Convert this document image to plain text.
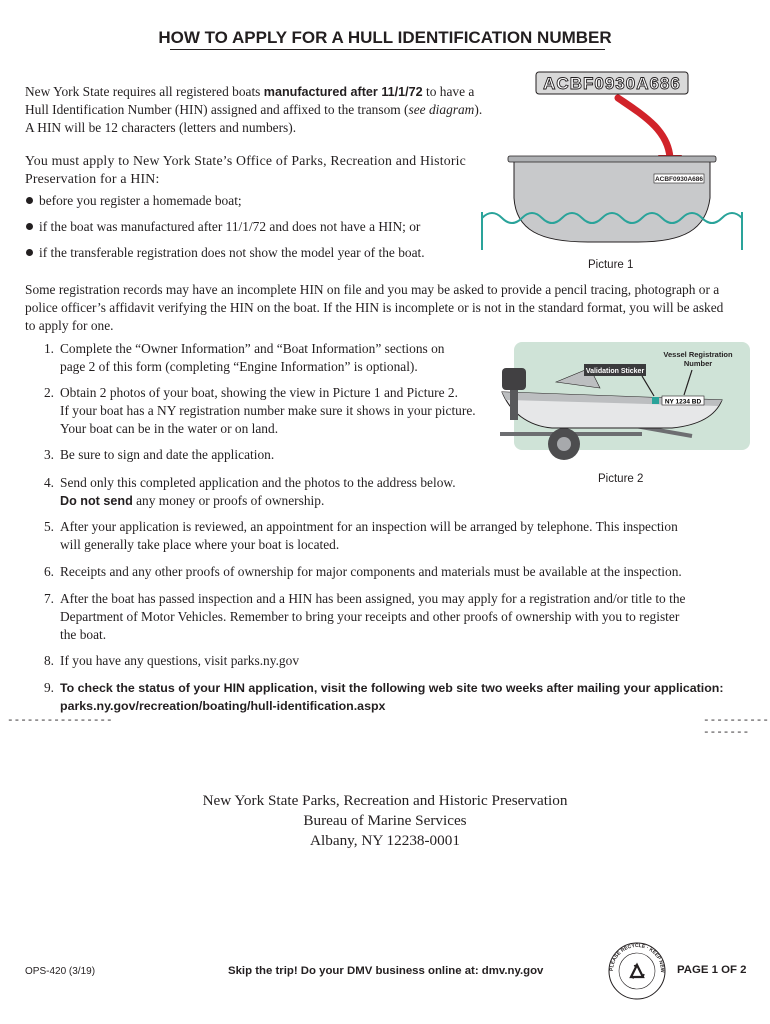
HOW TO APPLY FOR A HULL IDENTIFICATION NUMBER
New York State requires all registered boats manufactured after 11/1/72 to have a
Hull Identification Number (HIN) assigned and affixed to the transom (see diagram).
A HIN will be 12 characters (letters and numbers).
You must apply to New York State’s Office of Parks, Recreation and Historic
Preservation for a HIN:
before you register a homemade boat;
if the boat was manufactured after 11/1/72 and does not have a HIN; or
if the transferable registration does not show the model year of the boat.
ACBF0930A686
ACBF0930A686
Picture 1
Some registration records may have an incomplete HIN on file and you may be asked to provide a pencil tracing, photograph or a
police officer’s affidavit verifying the HIN on the boat. If the HIN is incomplete or is not in the standard format, you will be asked
to apply for one.
NY 1234 BD
Validation Sticker
Vessel Registration
Number
Picture 2
1. Complete the “Owner Information” and “Boat Information” sections on
page 2 of this form (completing “Engine Information” is optional).
2. Obtain 2 photos of your boat, showing the view in Picture 1 and Picture 2.
If your boat has a NY registration number make sure it shows in your picture.
Your boat can be in the water or on land.
3. Be sure to sign and date the application.
4. Send only this completed application and the photos to the address below.
Do not send any money or proofs of ownership.
5. After your application is reviewed, an appointment for an inspection will be arranged by telephone. This inspection
will generally take place where your boat is located.
6. Receipts and any other proofs of ownership for major components and materials must be available at the inspection.
7. After the boat has passed inspection and a HIN has been assigned, you may apply for a registration and/or title to the
Department of Motor Vehicles. Remember to bring your receipts and other proofs of ownership with you to register
the boat.
8. If you have any questions, visit parks.ny.gov
9. To check the status of your HIN application, visit the following web site two weeks after mailing your application:
parks.ny.gov/recreation/boating/hull-identification.aspx
----------------	-----------------
New York State Parks, Recreation and Historic Preservation
Bureau of Marine Services
Albany, NY 12238-0001
OPS-420 (3/19)	Skip the trip! Do your DMV business online at: dmv.ny.gov	PLEASE RECYCLE · KEEP NEW PAGE 1 OF 2
